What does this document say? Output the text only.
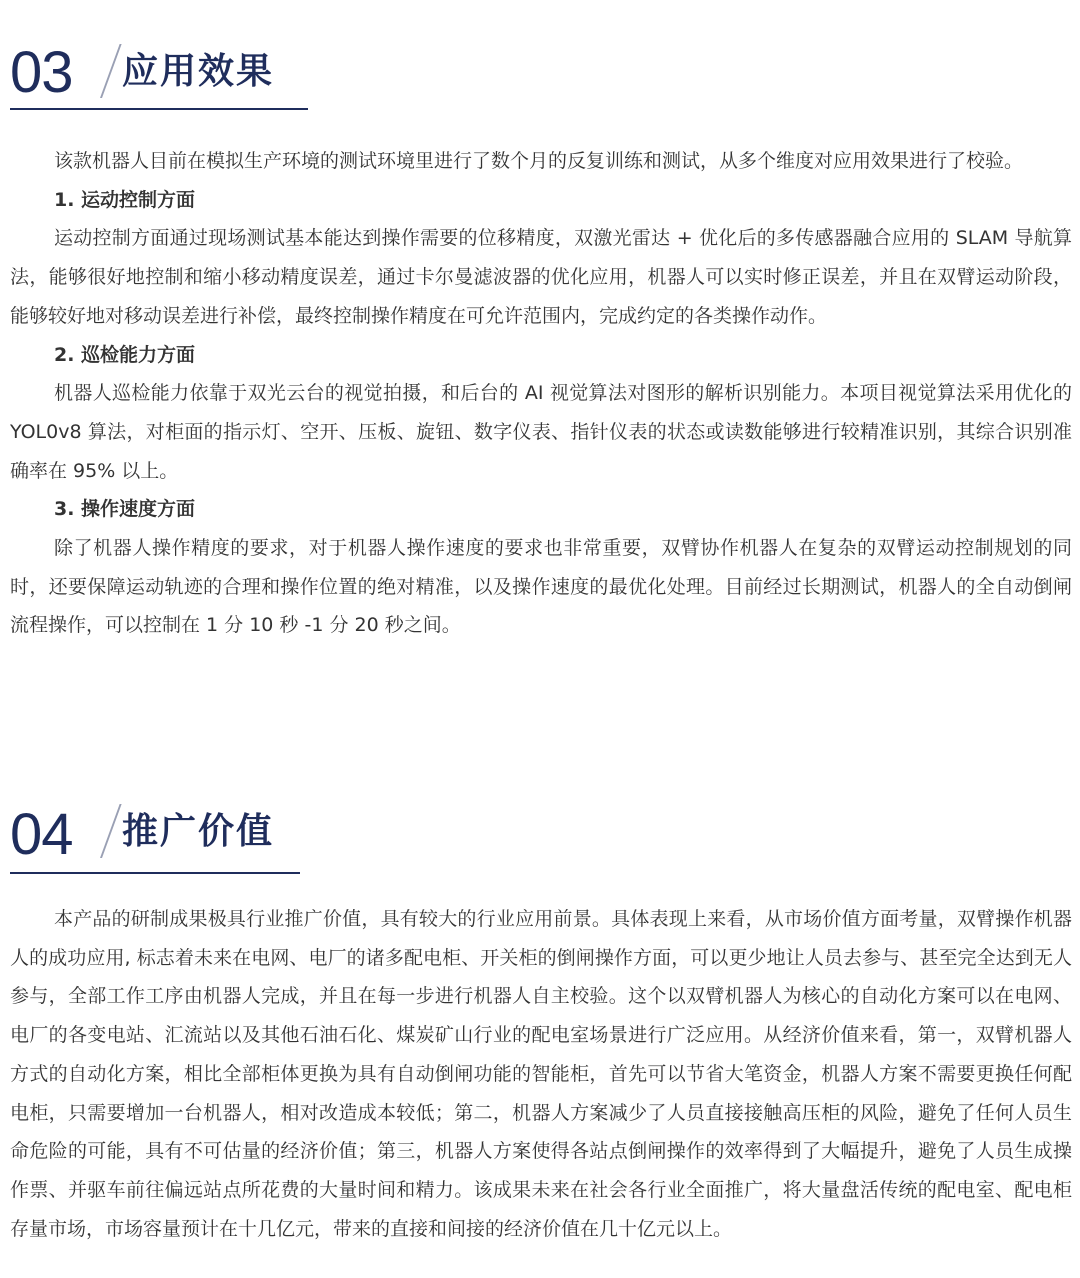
03 应用效果

该款机器人目前在模拟生产环境的测试环境里进行了数个月的反复训练和测试，从多个维度对应用效果进行了校验。

1. 运动控制方面

运动控制方面通过现场测试基本能达到操作需要的位移精度，双激光雷达 + 优化后的多传感器融合应用的 SLAM 导航算法，能够很好地控制和缩小移动精度误差，通过卡尔曼滤波器的优化应用，机器人可以实时修正误差，并且在双臂运动阶段，能够较好地对移动误差进行补偿，最终控制操作精度在可允许范围内，完成约定的各类操作动作。

2. 巡检能力方面

机器人巡检能力依靠于双光云台的视觉拍摄，和后台的 AI 视觉算法对图形的解析识别能力。本项目视觉算法采用优化的 YOL0v8 算法，对柜面的指示灯、空开、压板、旋钮、数字仪表、指针仪表的状态或读数能够进行较精准识别，其综合识别准确率在 95% 以上。

3. 操作速度方面

除了机器人操作精度的要求，对于机器人操作速度的要求也非常重要，双臂协作机器人在复杂的双臂运动控制规划的同时，还要保障运动轨迹的合理和操作位置的绝对精准，以及操作速度的最优化处理。目前经过长期测试，机器人的全自动倒闸流程操作，可以控制在 1 分 10 秒 -1 分 20 秒之间。

04 推广价值

本产品的研制成果极具行业推广价值，具有较大的行业应用前景。具体表现上来看，从市场价值方面考量，双臂操作机器人的成功应用, 标志着未来在电网、电厂的诸多配电柜、开关柜的倒闸操作方面，可以更少地让人员去参与、甚至完全达到无人参与，全部工作工序由机器人完成，并且在每一步进行机器人自主校验。这个以双臂机器人为核心的自动化方案可以在电网、电厂的各变电站、汇流站以及其他石油石化、煤炭矿山行业的配电室场景进行广泛应用。从经济价值来看，第一，双臂机器人方式的自动化方案，相比全部柜体更换为具有自动倒闸功能的智能柜，首先可以节省大笔资金，机器人方案不需要更换任何配电柜，只需要增加一台机器人，相对改造成本较低；第二，机器人方案减少了人员直接接触高压柜的风险，避免了任何人员生命危险的可能，具有不可估量的经济价值；第三，机器人方案使得各站点倒闸操作的效率得到了大幅提升，避免了人员生成操作票、并驱车前往偏远站点所花费的大量时间和精力。该成果未来在社会各行业全面推广，将大量盘活传统的配电室、配电柜存量市场，市场容量预计在十几亿元，带来的直接和间接的经济价值在几十亿元以上。
